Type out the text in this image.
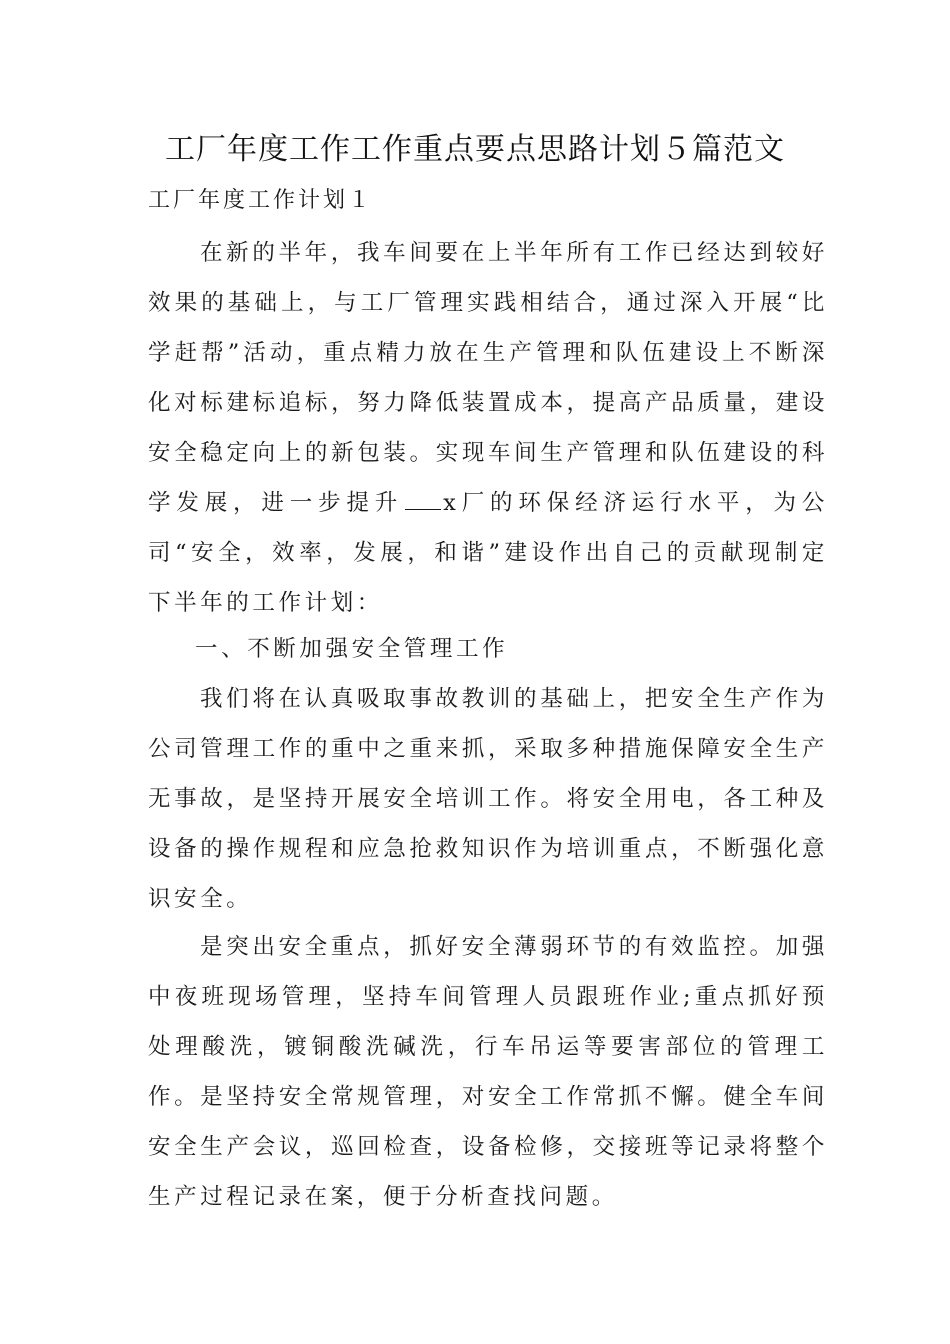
工厂年度工作工作重点要点思路计划５篇范文
工厂年度工作计划１

在新的半年，我车间要在上半年所有工作已经达到较好效果的基础上，与工厂管理实践相结合，通过深入开展“比学赶帮”活动，重点精力放在生产管理和队伍建设上不断深化对标建标追标，努力降低装置成本，提高产品质量，建设安全稳定向上的新包装。实现车间生产管理和队伍建设的科学发展，进一步提升 x厂的环保经济运行水平，为公司“安全，效率，发展，和谐”建设作出自己的贡献现制定下半年的工作计划：

一、不断加强安全管理工作

我们将在认真吸取事故教训的基础上，把安全生产作为公司管理工作的重中之重来抓，采取多种措施保障安全生产无事故，是坚持开展安全培训工作。将安全用电，各工种及设备的操作规程和应急抢救知识作为培训重点，不断强化意识安全。

是突出安全重点，抓好安全薄弱环节的有效监控。加强中夜班现场管理，坚持车间管理人员跟班作业;重点抓好预处理酸洗，镀铜酸洗碱洗，行车吊运等要害部位的管理工作。是坚持安全常规管理，对安全工作常抓不懈。健全车间安全生产会议，巡回检查，设备检修，交接班等记录将整个生产过程记录在案，便于分析查找问题。
